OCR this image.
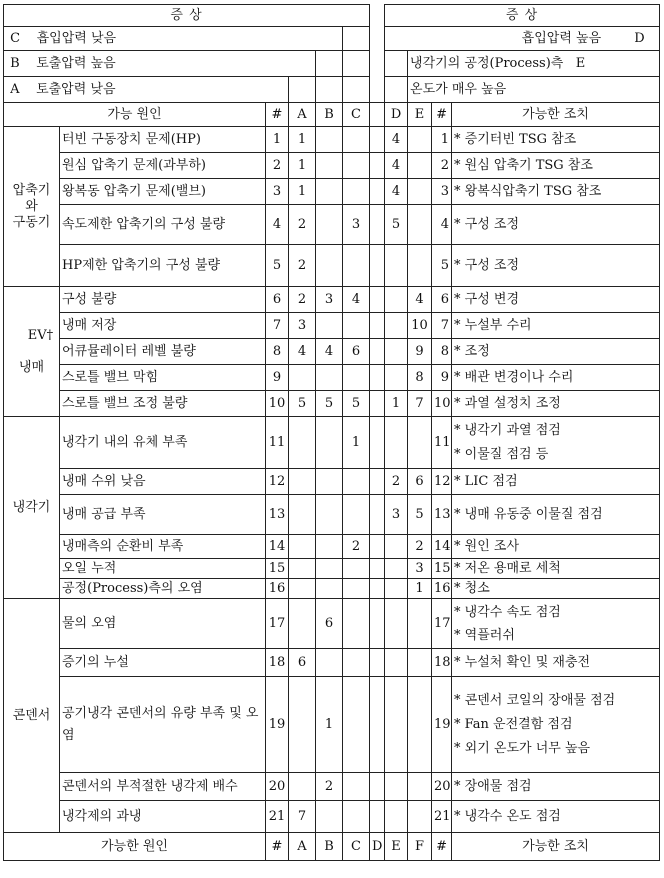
증 상							증 상			
C 흡입압력 낮음							흡입압력 높음 D			
B 토출압력 높음								냉각기의 공정(Process)측 E		
A 토출압력 낮음								온도가 매우 높음		
가능 원인		#	A	B	C		D	E	#	가능한 조치
압축기
와
구동기	터빈 구동장치 문제(HP)	1	1				4		1	* 증기터빈 TSG 참조
	원심 압축기 문제(과부하)	2	1				4		2	* 원심 압축기 TSG 참조
	왕복동 압축기 문제(밸브)	3	1				4		3	* 왕복식압축기 TSG 참조
	속도제한 압축기의 구성 불량	4	2		3		5		4	* 구성 조정
	HP제한 압축기의 구성 불량	5	2						5	* 구성 조정
EV†

냉매	구성 불량	6	2	3	4			4	6	* 구성 변경
	냉매 저장	7	3					10	7	* 누설부 수리
	어큐뮬레이터 레벨 불량	8	4	4	6			9	8	* 조정
	스로틀 밸브 막힘	9						8	9	* 배관 변경이나 수리
	스로틀 밸브 조정 불량	10	5	5	5		1	7	10	* 과열 설정치 조정
냉각기	냉각기 내의 유체 부족	11			1				11	* 냉각기 과열 점검
* 이물질 점검 등

	냉매 수위 낮음	12					2	6	12	* LIC 점검
	냉매 공급 부족	13					3	5	13	* 냉매 유동중 이물질 점검
	냉매측의 순환비 부족	14			2			2	14	* 원인 조사
	오일 누적	15						3	15	* 저온 용매로 세척
	공정(Process)측의 오염	16						1	16	* 청소
콘덴서	물의 오염	17		6					17	* 냉각수 속도 점검
* 역플러쉬

	증기의 누설	18	6						18	* 누설처 확인 및 재충전
	공기냉각 콘덴서의 유량 부족 및 오염	19		1					19	* 콘덴서 코일의 장애물 점검
* Fan 운전결함 점검
* 외기 온도가 너무 높음

	콘덴서의 부적절한 냉각제 배수	20		2					20	* 장애물 점검
	냉각제의 과냉	21	7						21	* 냉각수 온도 점검
가능한 원인		#	A	B	C	D	E	F	#	가능한 조치
